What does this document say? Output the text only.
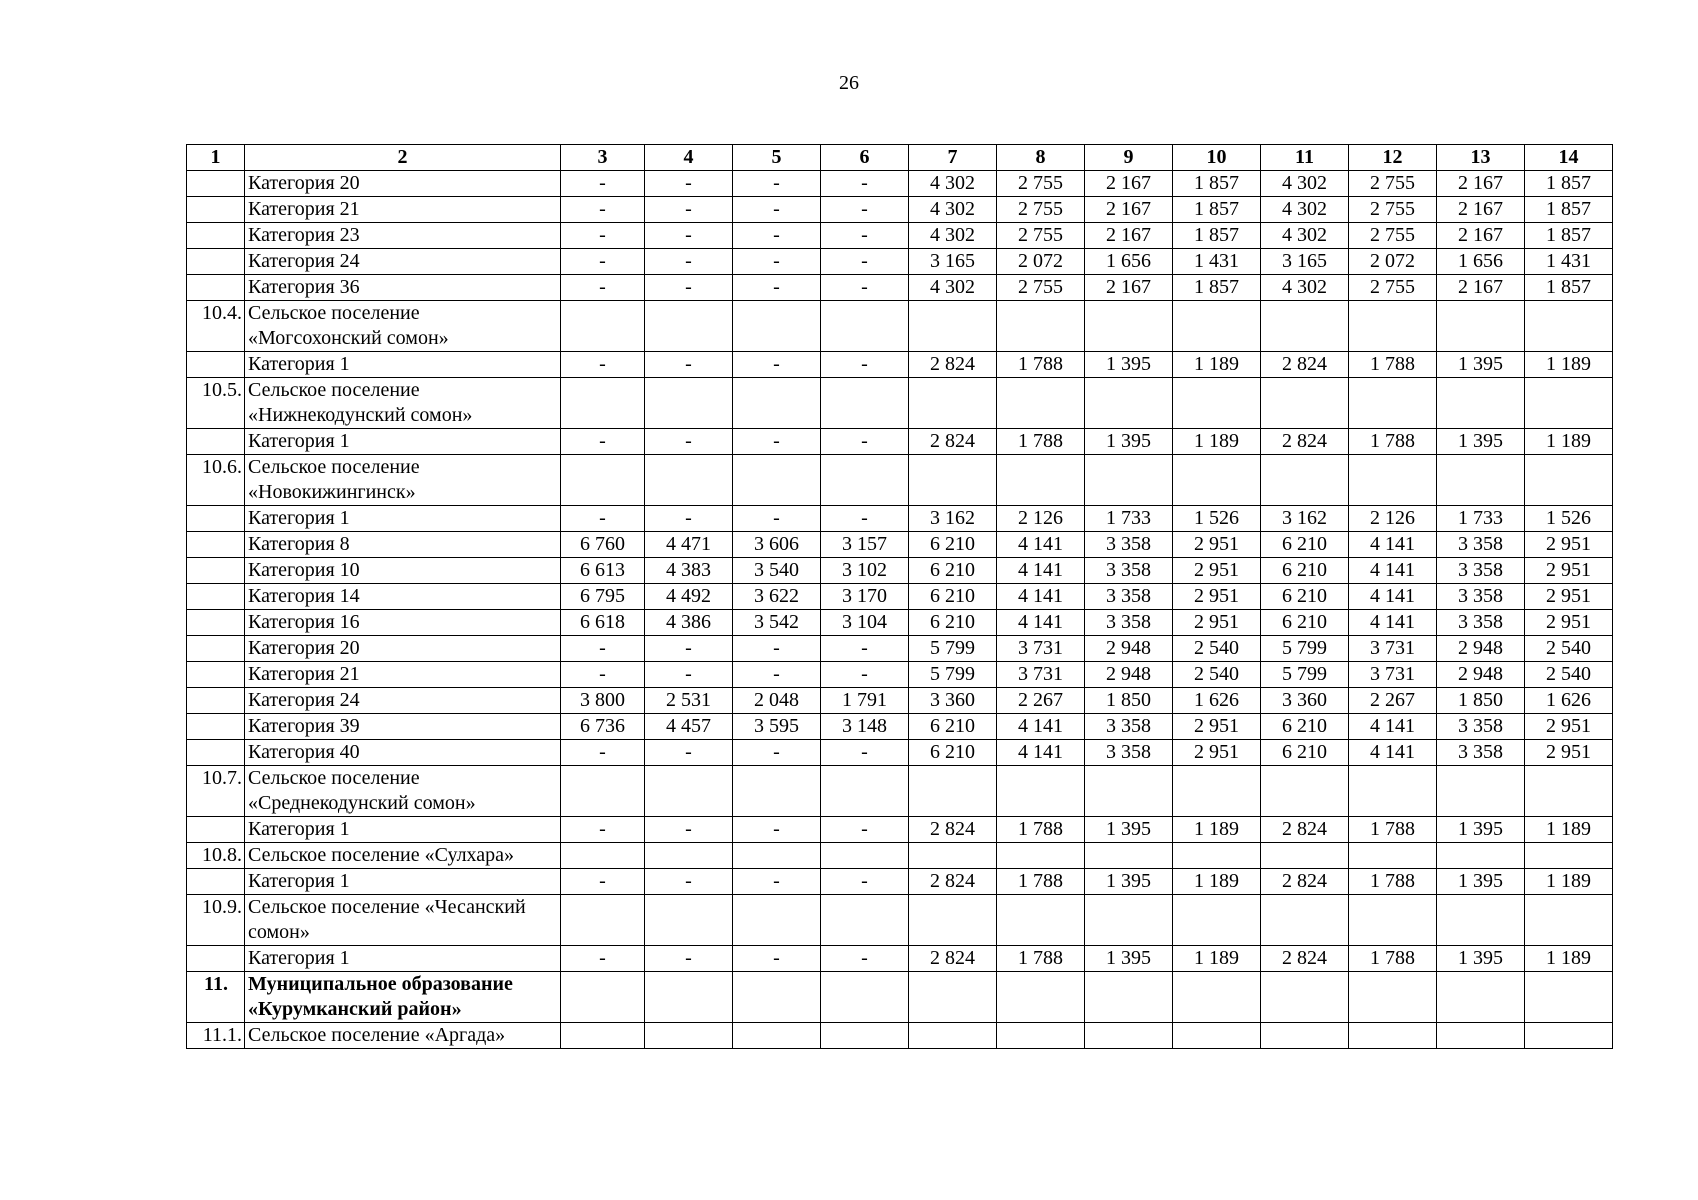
26
1	2	3	4	5	6	7	8	9	10	11	12	13	14
	Категория 20	-	-	-	-	4 302	2 755	2 167	1 857	4 302	2 755	2 167	1 857
	Категория 21	-	-	-	-	4 302	2 755	2 167	1 857	4 302	2 755	2 167	1 857
	Категория 23	-	-	-	-	4 302	2 755	2 167	1 857	4 302	2 755	2 167	1 857
	Категория 24	-	-	-	-	3 165	2 072	1 656	1 431	3 165	2 072	1 656	1 431
	Категория 36	-	-	-	-	4 302	2 755	2 167	1 857	4 302	2 755	2 167	1 857
10.4.	Сельское поселение «Могсохонский сомон»												
	Категория 1	-	-	-	-	2 824	1 788	1 395	1 189	2 824	1 788	1 395	1 189
10.5.	Сельское поселение «Нижнекодунский сомон»												
	Категория 1	-	-	-	-	2 824	1 788	1 395	1 189	2 824	1 788	1 395	1 189
10.6.	Сельское поселение «Новокижингинск»												
	Категория 1	-	-	-	-	3 162	2 126	1 733	1 526	3 162	2 126	1 733	1 526
	Категория 8	6 760	4 471	3 606	3 157	6 210	4 141	3 358	2 951	6 210	4 141	3 358	2 951
	Категория 10	6 613	4 383	3 540	3 102	6 210	4 141	3 358	2 951	6 210	4 141	3 358	2 951
	Категория 14	6 795	4 492	3 622	3 170	6 210	4 141	3 358	2 951	6 210	4 141	3 358	2 951
	Категория 16	6 618	4 386	3 542	3 104	6 210	4 141	3 358	2 951	6 210	4 141	3 358	2 951
	Категория 20	-	-	-	-	5 799	3 731	2 948	2 540	5 799	3 731	2 948	2 540
	Категория 21	-	-	-	-	5 799	3 731	2 948	2 540	5 799	3 731	2 948	2 540
	Категория 24	3 800	2 531	2 048	1 791	3 360	2 267	1 850	1 626	3 360	2 267	1 850	1 626
	Категория 39	6 736	4 457	3 595	3 148	6 210	4 141	3 358	2 951	6 210	4 141	3 358	2 951
	Категория 40	-	-	-	-	6 210	4 141	3 358	2 951	6 210	4 141	3 358	2 951
10.7.	Сельское поселение «Среднекодунский сомон»												
	Категория 1	-	-	-	-	2 824	1 788	1 395	1 189	2 824	1 788	1 395	1 189
10.8.	Сельское поселение «Сулхара»												
	Категория 1	-	-	-	-	2 824	1 788	1 395	1 189	2 824	1 788	1 395	1 189
10.9.	Сельское поселение «Чесанский сомон»												
	Категория 1	-	-	-	-	2 824	1 788	1 395	1 189	2 824	1 788	1 395	1 189
11.	Муниципальное образование «Курумканский район»												
11.1.	Сельское поселение «Аргада»												
